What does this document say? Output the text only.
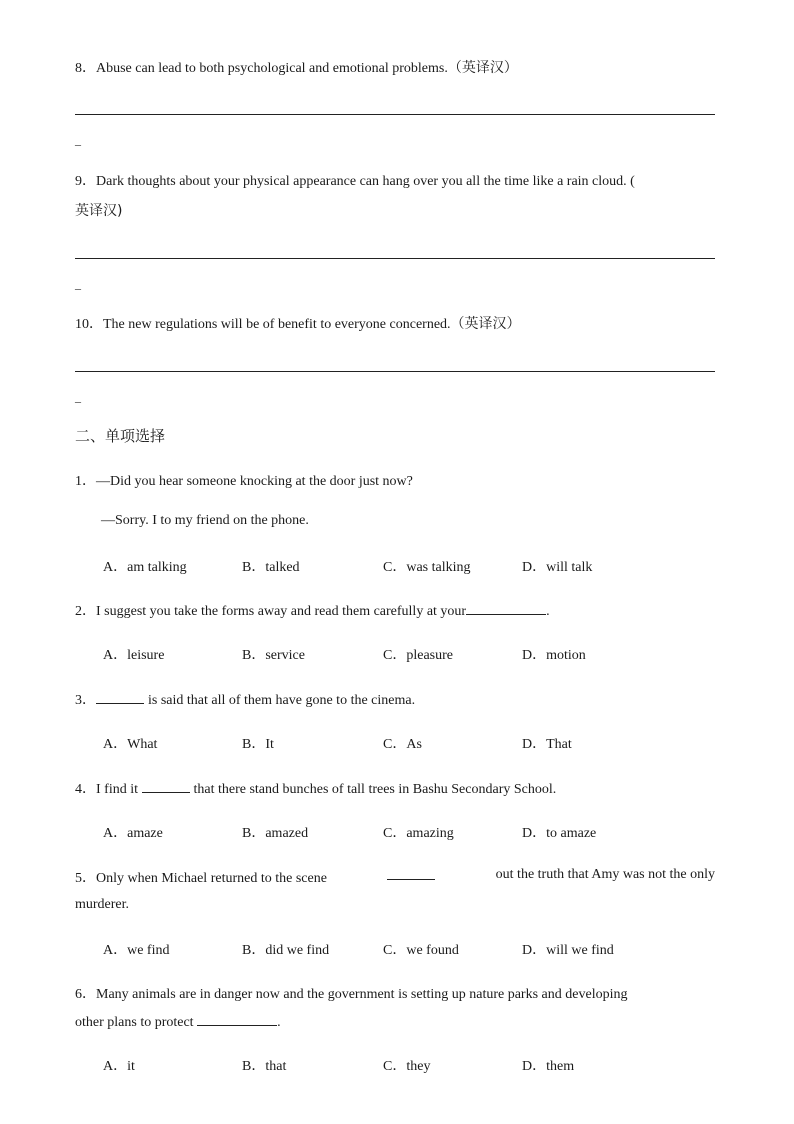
8．Abuse can lead to both psychological and emotional problems.（英译汉）
_
9．Dark thoughts about your physical appearance can hang over you all the time like a rain cloud. (
英译汉)
_
10．The new regulations will be of benefit to everyone concerned.（英译汉）
_
二、单项选择
1．—Did you hear someone knocking at the door just now?
—Sorry. I to my friend on the phone.
A．am talking	B．talked	C．was talking	D．will talk
2．I suggest you take the forms away and read them carefully at your	.
A．leisure	B．service	C．pleasure	D．motion
3．	is said that all of them have gone to the cinema.
A．What	B．It	C．As	D．That
4．I find it	that there stand bunches of tall trees in Bashu Secondary School.
A．amaze	B．amazed	C．amazing	D．to amaze
5．Only when Michael returned to the scene	out the truth that Amy was not the only
murderer.
A．we find	B．did we find	C．we found	D．will we find
6．Many animals are in danger now and the government is setting up nature parks and developing
other plans to protect	.
A．it	B．that	C．they	D．them
